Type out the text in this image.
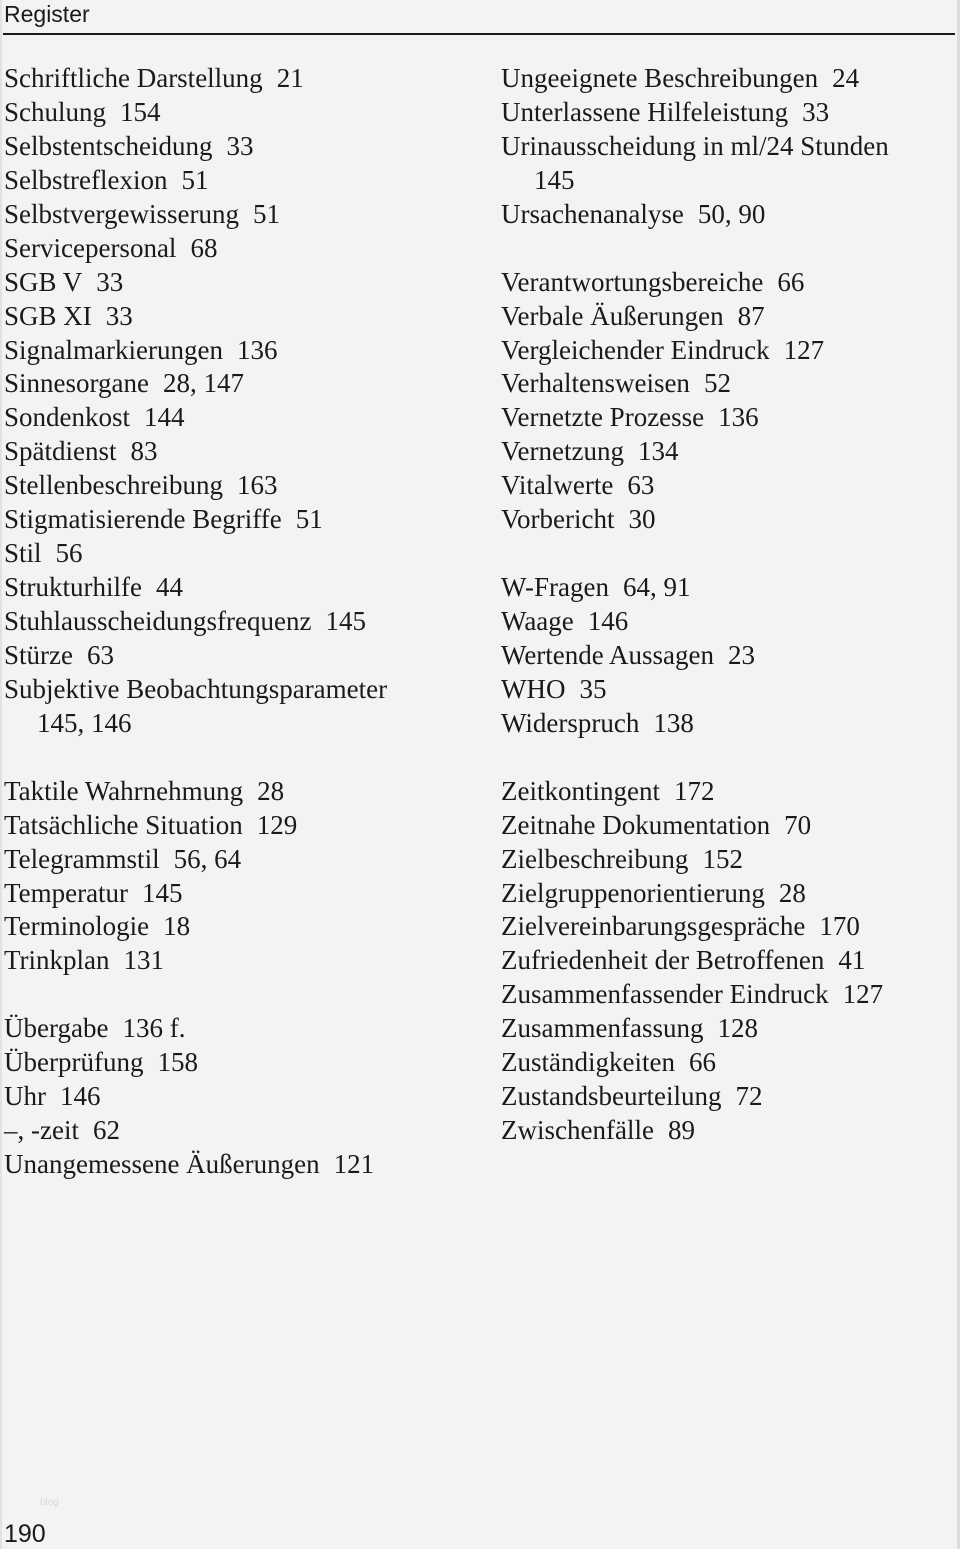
Register
Schriftliche Darstellung 21
Schulung 154
Selbstentscheidung 33
Selbstreflexion 51
Selbstvergewisserung 51
Servicepersonal 68
SGB V 33
SGB XI 33
Signalmarkierungen 136
Sinnesorgane 28, 147
Sondenkost 144
Spätdienst 83
Stellenbeschreibung 163
Stigmatisierende Begriffe 51
Stil 56
Strukturhilfe 44
Stuhlausscheidungsfrequenz 145
Stürze 63
Subjektive Beobachtungsparameter
145, 146
Taktile Wahrnehmung 28
Tatsächliche Situation 129
Telegrammstil 56, 64
Temperatur 145
Terminologie 18
Trinkplan 131
Übergabe 136 f.
Überprüfung 158
Uhr 146
–, -zeit 62
Unangemessene Äußerungen 121
Ungeeignete Beschreibungen 24
Unterlassene Hilfeleistung 33
Urinausscheidung in ml/24 Stunden
145
Ursachenanalyse 50, 90
Verantwortungsbereiche 66
Verbale Äußerungen 87
Vergleichender Eindruck 127
Verhaltensweisen 52
Vernetzte Prozesse 136
Vernetzung 134
Vitalwerte 63
Vorbericht 30
W-Fragen 64, 91
Waage 146
Wertende Aussagen 23
WHO 35
Widerspruch 138
Zeitkontingent 172
Zeitnahe Dokumentation 70
Zielbeschreibung 152
Zielgruppenorientierung 28
Zielvereinbarungsgespräche 170
Zufriedenheit der Betroffenen 41
Zusammenfassender Eindruck 127
Zusammenfassung 128
Zuständigkeiten 66
Zustandsbeurteilung 72
Zwischenfälle 89
blog
190
